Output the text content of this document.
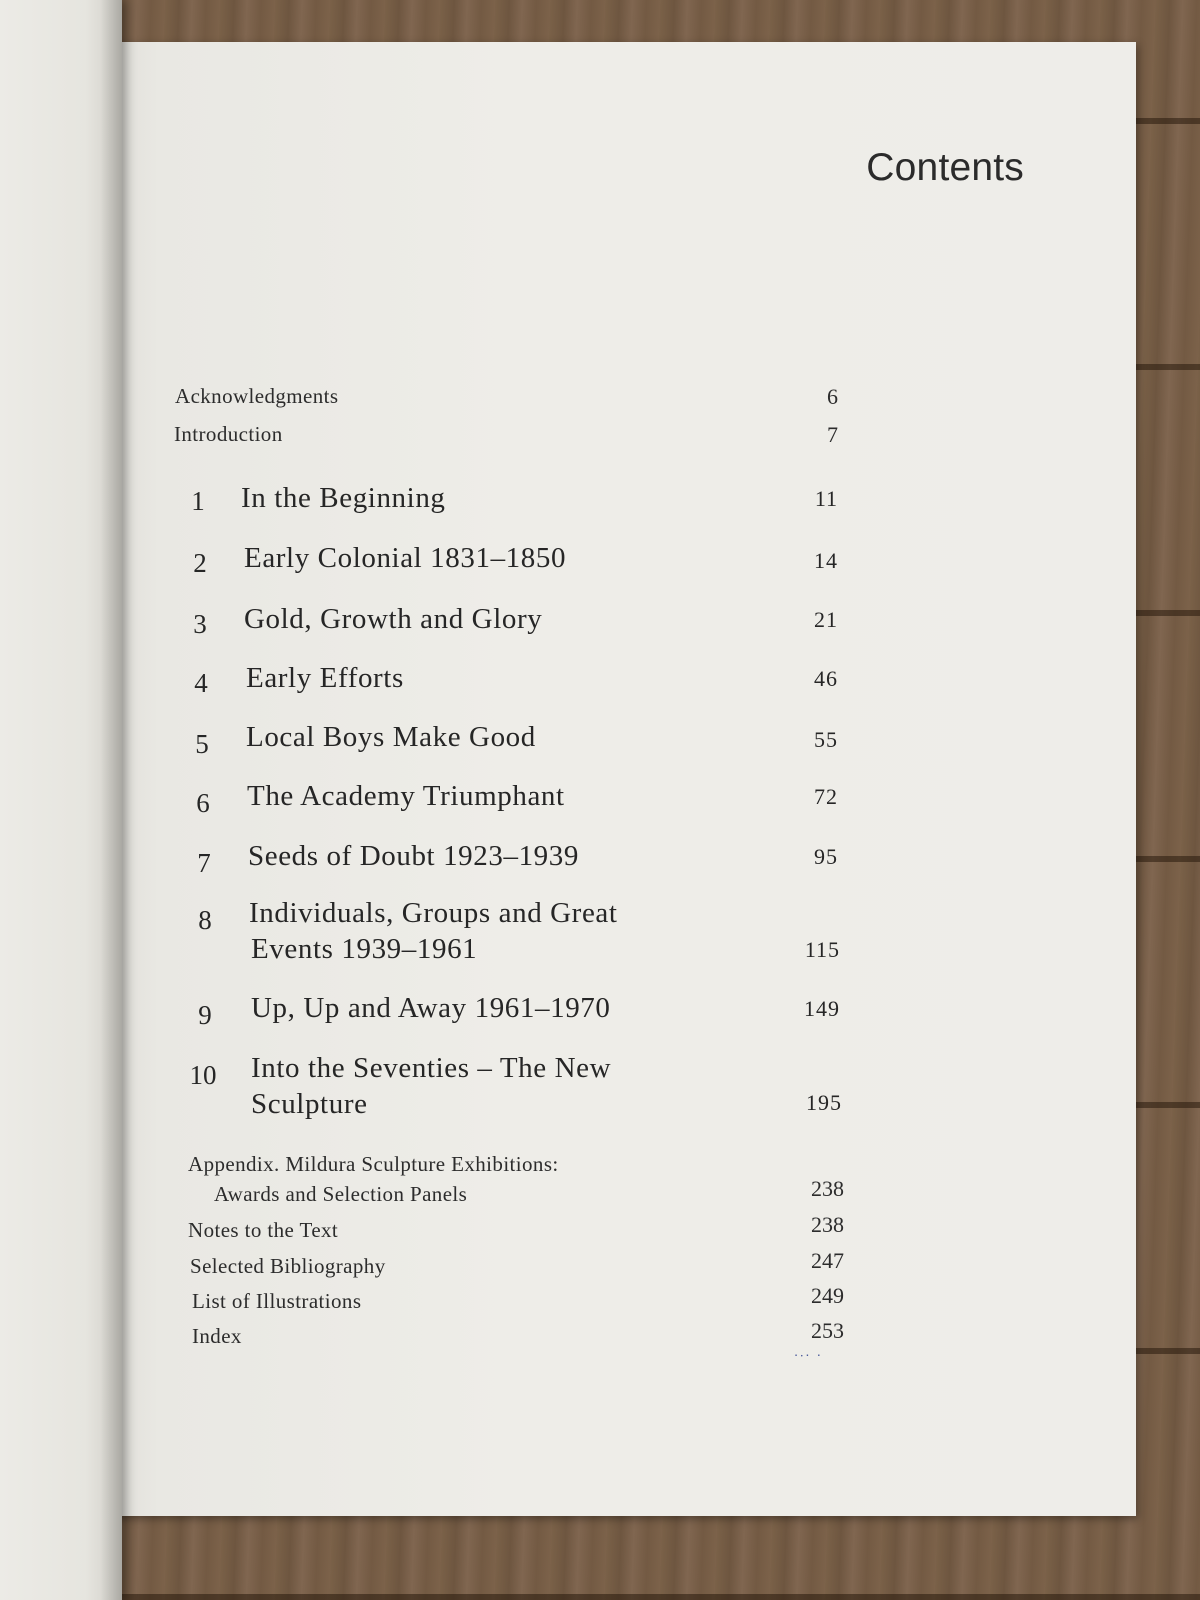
Contents
Acknowledgments	6
Introduction	7
1	In the Beginning	11
2	Early Colonial 1831–1850	14
3	Gold, Growth and Glory	21
4	Early Efforts	46
5	Local Boys Make Good	55
6	The Academy Triumphant	72
7	Seeds of Doubt 1923–1939	95
8	Individuals, Groups and Great
Events 1939–1961	115
9	Up, Up and Away 1961–1970	149
10 Into the Seventies – The New
Sculpture	195
Appendix. Mildura Sculpture Exhibitions:
Awards and Selection Panels	238
Notes to the Text	238
Selected Bibliography	247
List of Illustrations	249
Index	253
⋅∙⋅ ⋅
